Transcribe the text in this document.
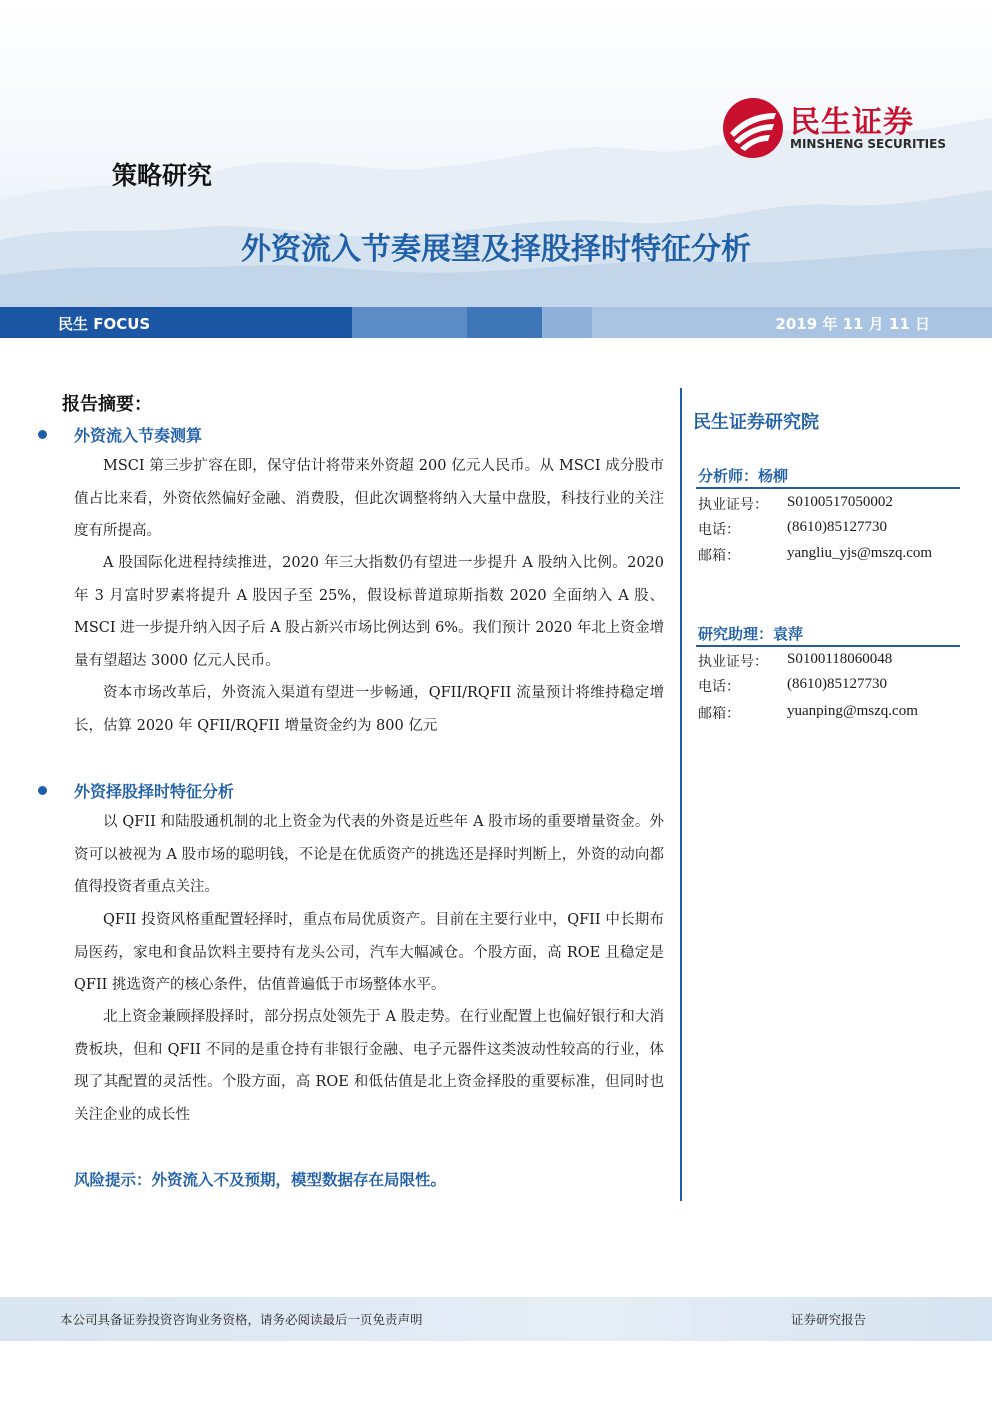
民生证券
MINSHENG SECURITIES
策略研究
外资流入节奏展望及择股择时特征分析
民生 FOCUS	2019 年 11 月 11 日
报告摘要：
外资流入节奏测算
MSCI 第三步扩容在即，保守估计将带来外资超 200 亿元人民币。从 MSCI 成分股市值占比来看，外资依然偏好金融、消费股，但此次调整将纳入大量中盘股，科技行业的关注度有所提高。
A 股国际化进程持续推进，2020 年三大指数仍有望进一步提升 A 股纳入比例。2020 年 3 月富时罗素将提升 A 股因子至 25%，假设标普道琼斯指数 2020 全面纳入 A 股、MSCI 进一步提升纳入因子后 A 股占新兴市场比例达到 6%。我们预计 2020 年北上资金增量有望超达 3000 亿元人民币。
资本市场改革后，外资流入渠道有望进一步畅通，QFII/RQFII 流量预计将维持稳定增长，估算 2020 年 QFII/RQFII 增量资金约为 800 亿元
外资择股择时特征分析
以 QFII 和陆股通机制的北上资金为代表的外资是近些年 A 股市场的重要增量资金。外资可以被视为 A 股市场的聪明钱，不论是在优质资产的挑选还是择时判断上，外资的动向都值得投资者重点关注。
QFII 投资风格重配置轻择时，重点布局优质资产。目前在主要行业中，QFII 中长期布局医药，家电和食品饮料主要持有龙头公司，汽车大幅减仓。个股方面，高 ROE 且稳定是 QFII 挑选资产的核心条件，估值普遍低于市场整体水平。
北上资金兼顾择股择时，部分拐点处领先于 A 股走势。在行业配置上也偏好银行和大消费板块，但和 QFII 不同的是重仓持有非银行金融、电子元器件这类波动性较高的行业，体现了其配置的灵活性。个股方面，高 ROE 和低估值是北上资金择股的重要标准，但同时也关注企业的成长性
风险提示：外资流入不及预期，模型数据存在局限性。
民生证券研究院
分析师：杨柳
执业证号： S0100517050002
电话：	(8610)85127730
邮箱：	yangliu_yjs@mszq.com
研究助理：袁萍
执业证号： S0100118060048
电话：	(8610)85127730
邮箱：	yuanping@mszq.com
本公司具备证券投资咨询业务资格，请务必阅读最后一页免责声明	证券研究报告
